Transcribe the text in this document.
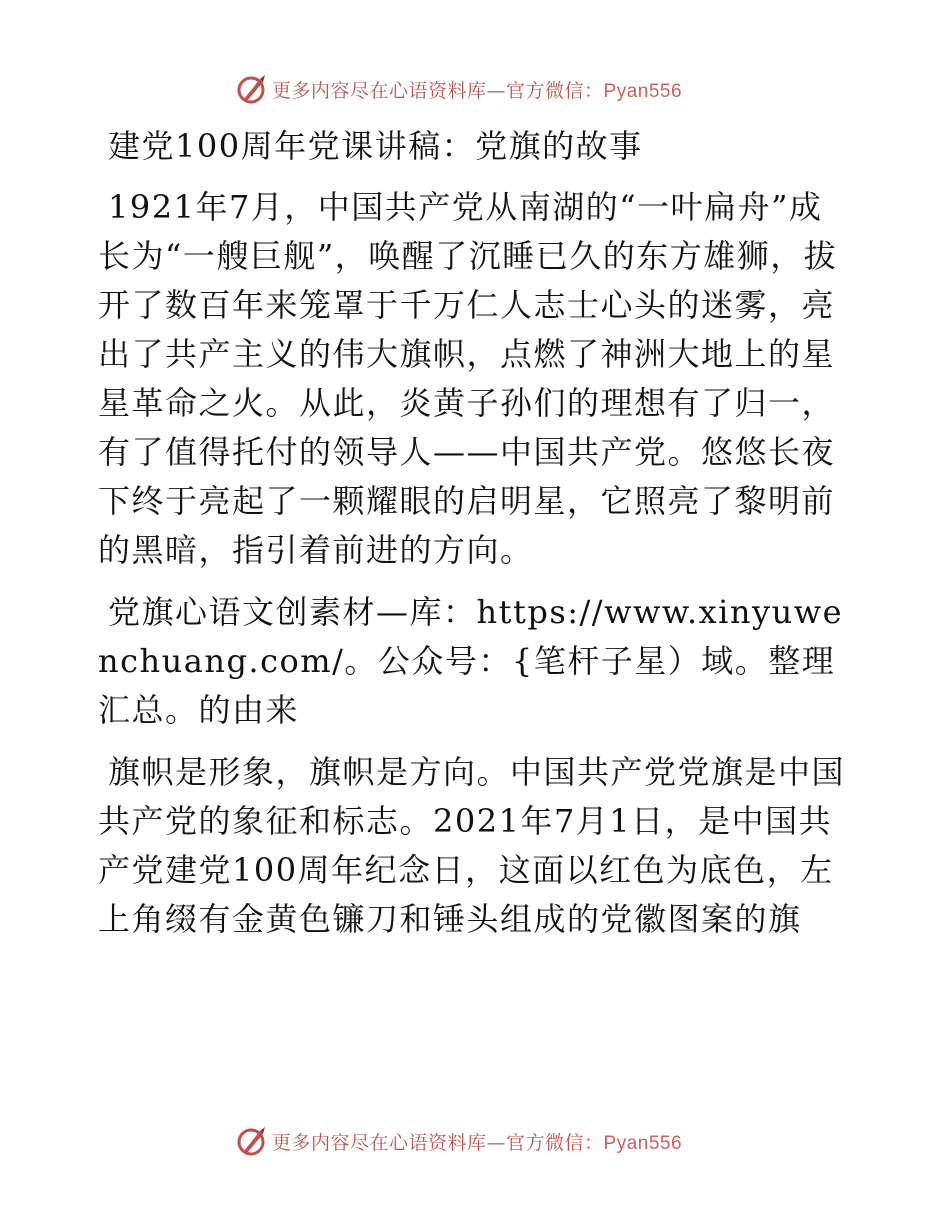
更多内容尽在心语资料库—官方微信：Pyan556

建党100周年党课讲稿：党旗的故事

1921年7月，中国共产党从南湖的“一叶扁舟”成长为“一艘巨舰”，唤醒了沉睡已久的东方雄狮，拔开了数百年来笼罩于千万仁人志士心头的迷雾，亮出了共产主义的伟大旗帜，点燃了神洲大地上的星星革命之火。从此，炎黄子孙们的理想有了归一，有了值得托付的领导人——中国共产党。悠悠长夜下终于亮起了一颗耀眼的启明星，它照亮了黎明前的黑暗，指引着前进的方向。

党旗心语文创素材—库：https://www.xinyuwenchuang.com/。公众号：{笔杆子星）域。整理汇总。的由来

旗帜是形象，旗帜是方向。中国共产党党旗是中国共产党的象征和标志。2021年7月1日，是中国共产党建党100周年纪念日，这面以红色为底色，左上角缀有金黄色镰刀和锤头组成的党徽图案的旗

更多内容尽在心语资料库—官方微信：Pyan556
